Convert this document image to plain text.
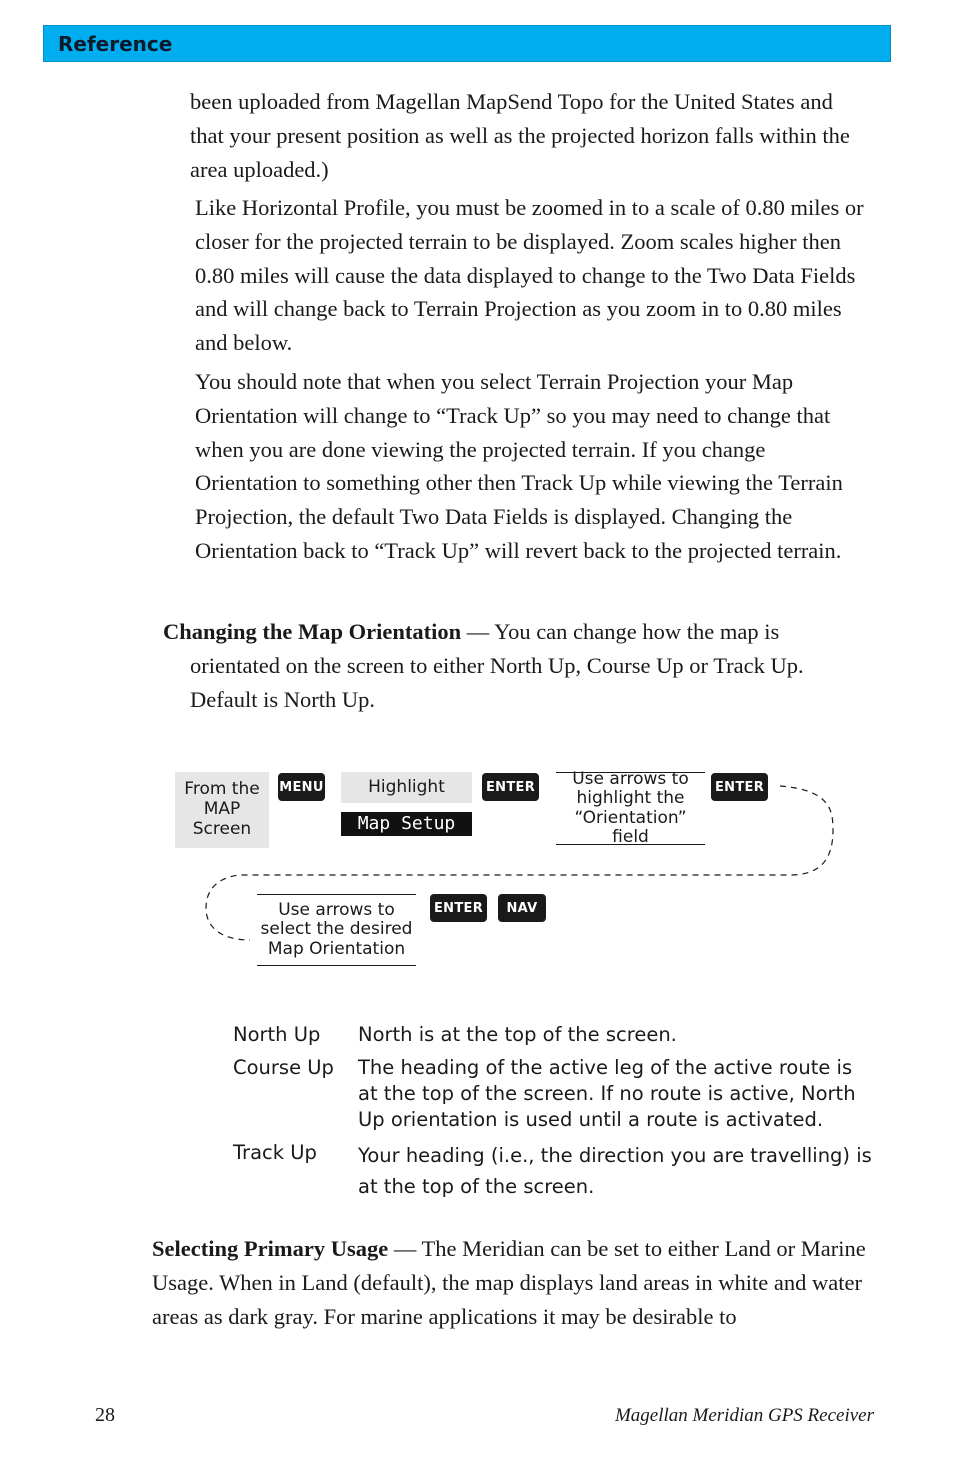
Reference

been uploaded from Magellan MapSend Topo for the United States and that your present position as well as the projected horizon falls within the area uploaded.)

Like Horizontal Profile, you must be zoomed in to a scale of 0.80 miles or closer for the projected terrain to be displayed. Zoom scales higher then 0.80 miles will cause the data displayed to change to the Two Data Fields and will change back to Terrain Projection as you zoom in to 0.80 miles and below.

You should note that when you select Terrain Projection your Map Orientation will change to “Track Up” so you may need to change that when you are done viewing the projected terrain. If you change Orientation to something other then Track Up while viewing the Terrain Projection, the default Two Data Fields is displayed. Changing the Orientation back to “Track Up” will revert back to the projected terrain.

Changing the Map Orientation — You can change how the map is orientated on the screen to either North Up, Course Up or Track Up. Default is North Up.

From the MAP Screen
MENU	Highlight
Map Setup
ENTER	Use arrows to highlight the “Orientation” field
ENTER
Use arrows to select the desired Map Orientation
ENTER	NAV
North Up North is at the top of the screen.

Course Up The heading of the active leg of the active route is at the top of the screen. If no route is active, North Up orientation is used until a route is activated.

Track Up Your heading (i.e., the direction you are travelling) is at the top of the screen.

Selecting Primary Usage — The Meridian can be set to either Land or Marine Usage. When in Land (default), the map displays land areas in white and water areas as dark gray. For marine applications it may be desirable to

28	Magellan Meridian GPS Receiver
